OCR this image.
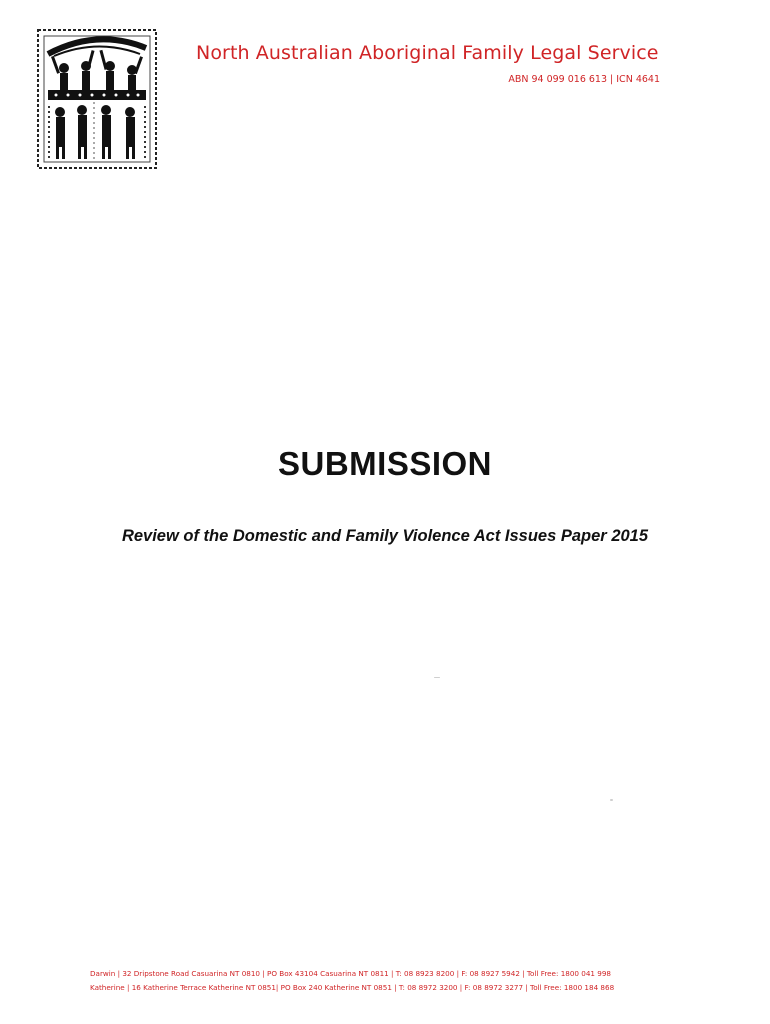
North Australian Aboriginal Family Legal Service
ABN 94 099 016 613 | ICN 4641
SUBMISSION
Review of the Domestic and Family Violence Act Issues Paper 2015
Darwin | 32 Dripstone Road Casuarina NT 0810 | PO Box 43104 Casuarina NT 0811 | T: 08 8923 8200 | F: 08 8927 5942 | Toll Free: 1800 041 998
Katherine | 16 Katherine Terrace Katherine NT 0851| PO Box 240 Katherine NT 0851 | T: 08 8972 3200 | F: 08 8972 3277 | Toll Free: 1800 184 868
